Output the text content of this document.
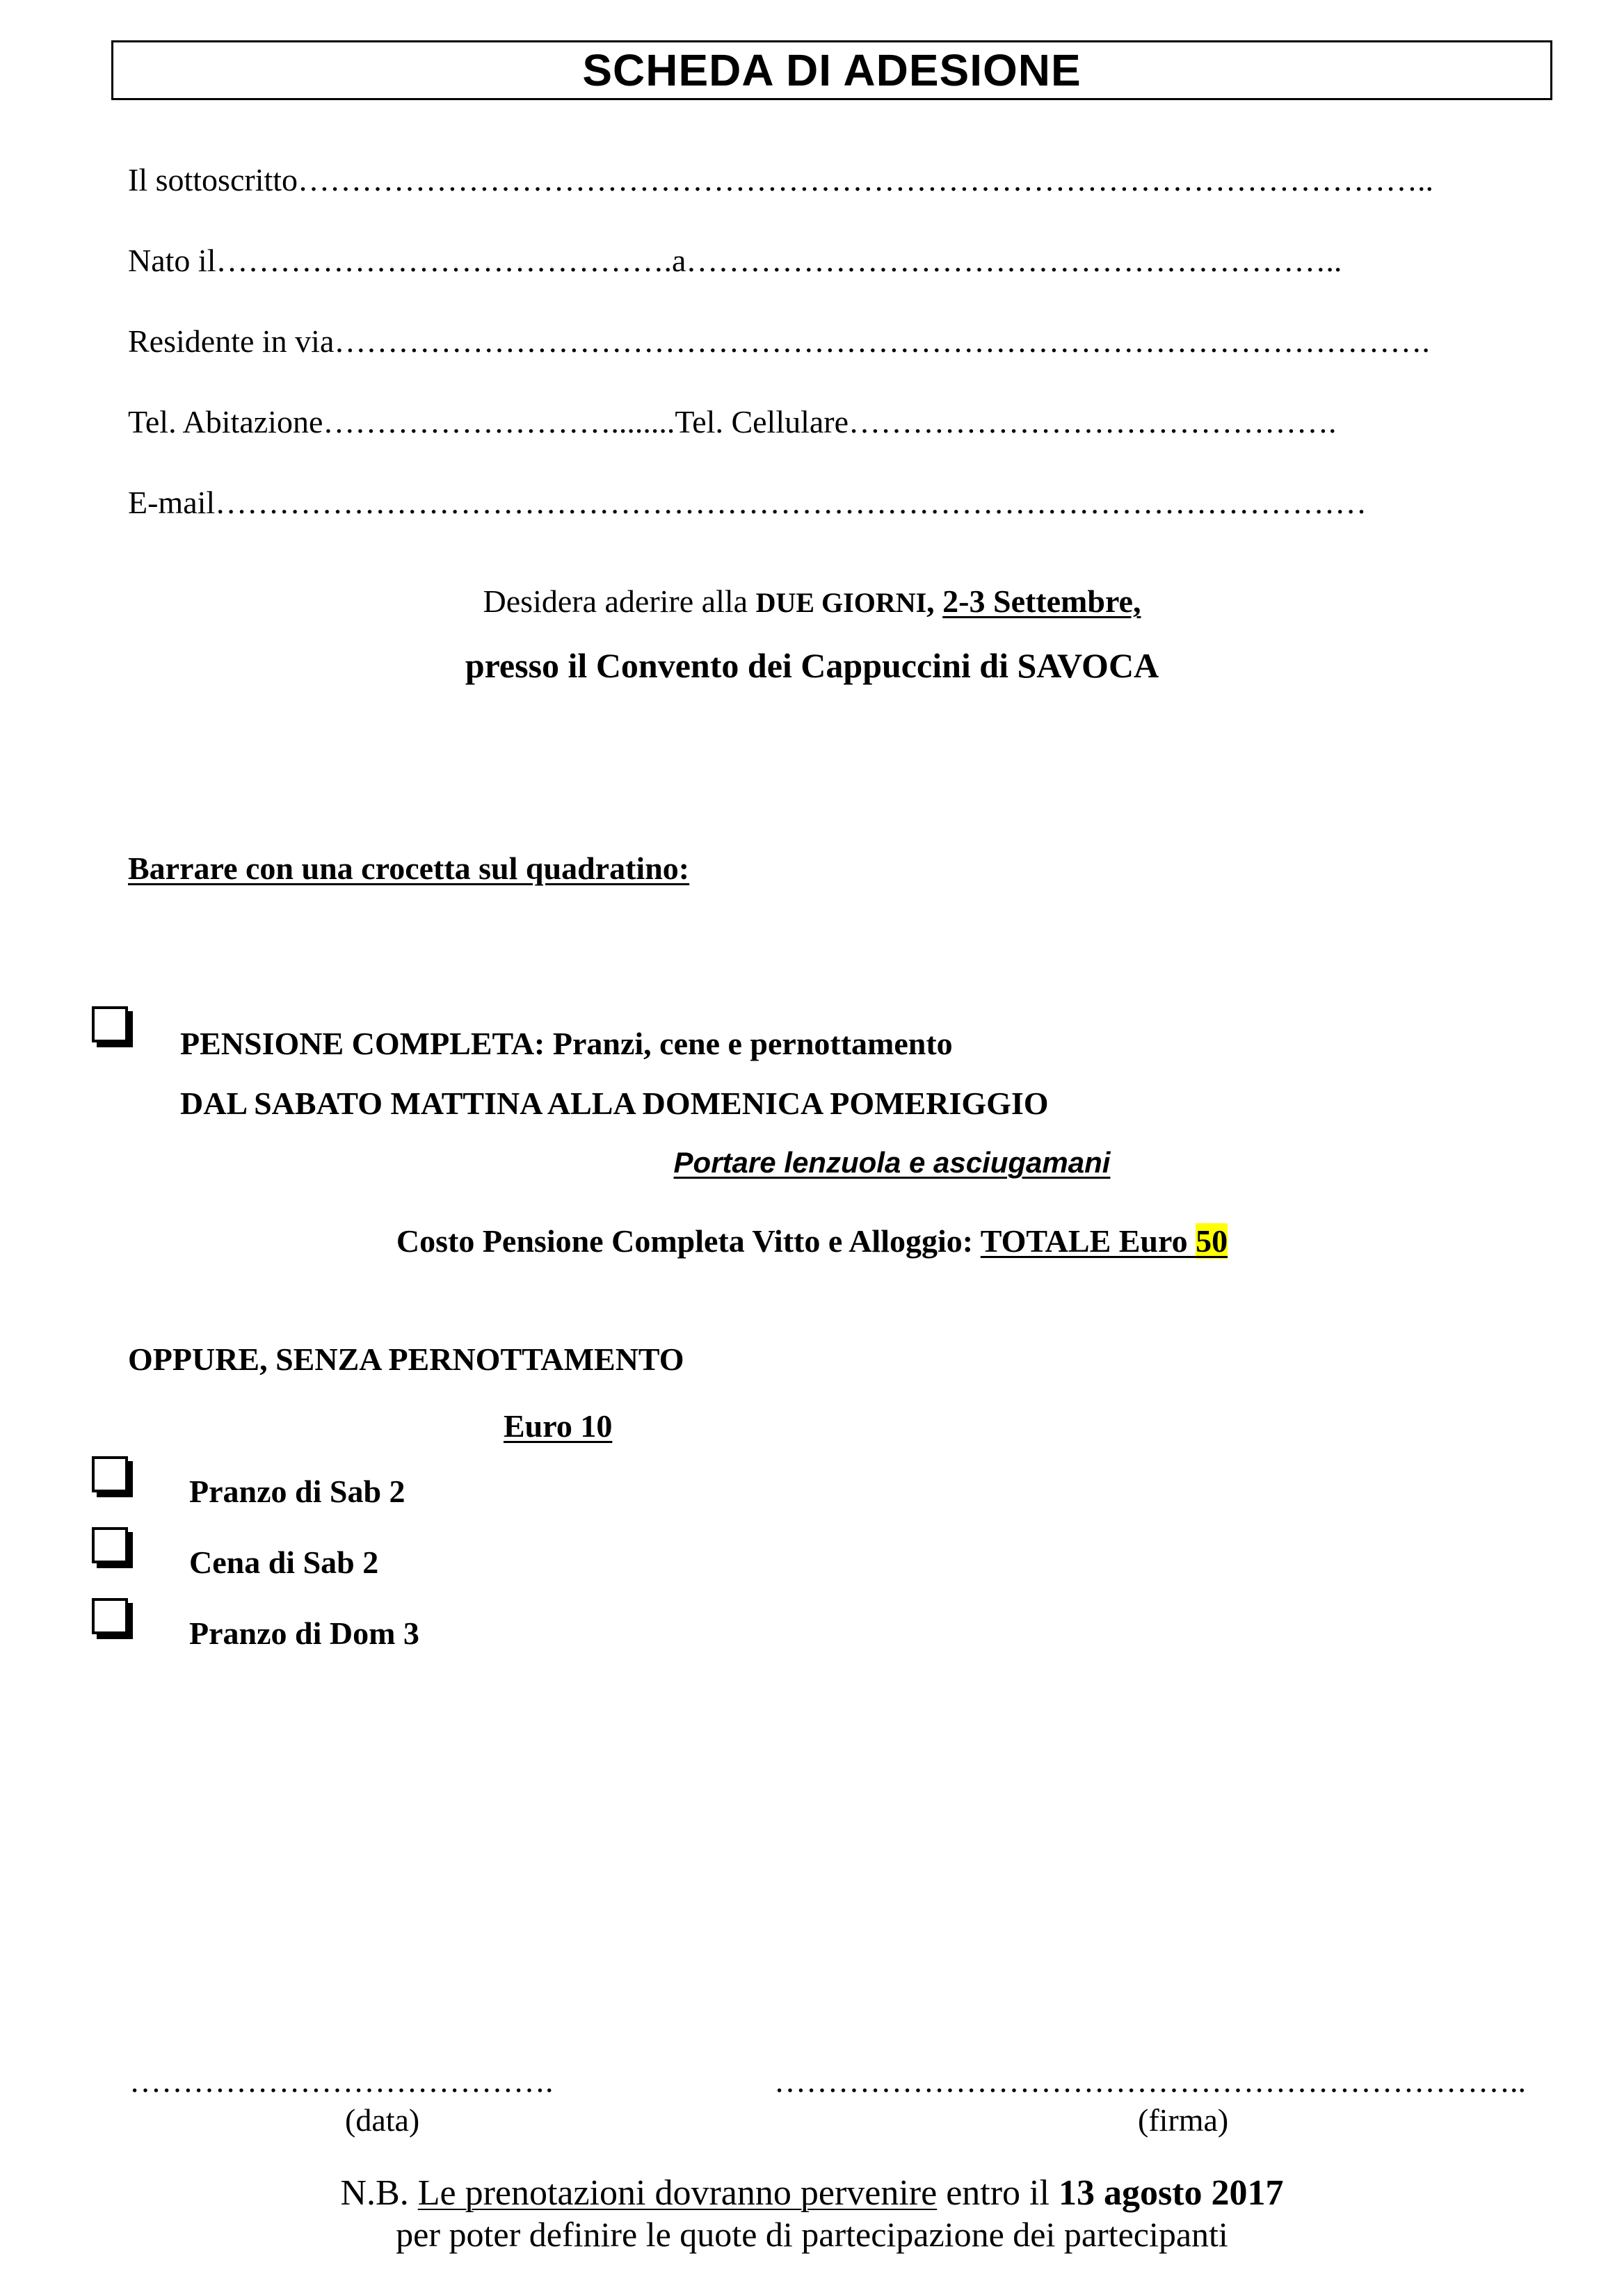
SCHEDA DI ADESIONE
Il sottoscritto……………………………………………………………………………………………..
Nato il…………………………………….a……………………………………………………..
Residente in via………………………………………………………………………………………….
Tel. Abitazione………………………........Tel. Cellulare……………………………………….
E-mail………………………………………………………………………………………………
Desidera aderire alla DUE GIORNI, 2-3 Settembre,
presso il Convento dei Cappuccini di SAVOCA
Barrare con una crocetta sul quadratino:
PENSIONE COMPLETA: Pranzi, cene e pernottamento
DAL SABATO MATTINA ALLA DOMENICA POMERIGGIO
Portare lenzuola e asciugamani
Costo Pensione Completa Vitto e Alloggio: TOTALE Euro 50
OPPURE, SENZA PERNOTTAMENTO
Euro 10
Pranzo di Sab 2
Cena di Sab 2
Pranzo di Dom 3
………………………………….
(data)
……………………………………………………………..
(firma)
N.B. Le prenotazioni dovranno pervenire entro il 13 agosto 2017
per poter definire le quote di partecipazione dei partecipanti
